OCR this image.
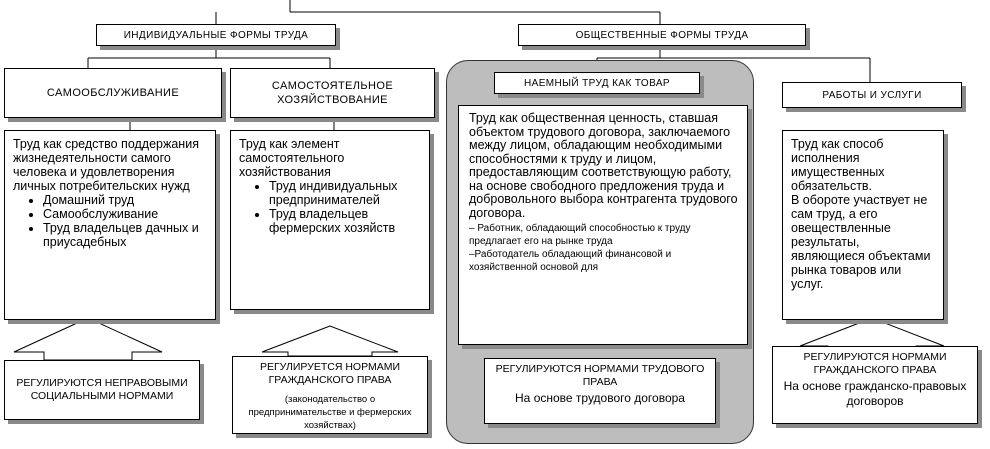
ИНДИВИДУАЛЬНЫЕ ФОРМЫ ТРУДА	ОБЩЕСТВЕННЫЕ ФОРМЫ ТРУДА
САМООБСЛУЖИВАНИЕ
Труд как средство поддержания жизнедеятельности самого человека и удовлетворения личных потребительских нужд
• Домашний труд
• Самообслуживание
• Труд владельцев дачных и приусадебных
РЕГУЛИРУЮТСЯ НЕПРАВОВЫМИ СОЦИАЛЬНЫМИ НОРМАМИ
САМОСТОЯТЕЛЬНОЕ ХОЗЯЙСТВОВАНИЕ
Труд как элемент самостоятельного хозяйствования
• Труд индивидуальных предпринимателей
• Труд владельцев фермерских хозяйств
РЕГУЛИРУЕТСЯ НОРМАМИ ГРАЖДАНСКОГО ПРАВА
(законодательство о предпринимательстве и фермерских хозяйствах)
НАЕМНЫЙ ТРУД КАК ТОВАР
Труд как общественная ценность, ставшая объектом трудового договора, заключаемого между лицом, обладающим необходимыми способностями к труду и лицом, предоставляющим соответствующую работу, на основе свободного предложения труда и добровольного выбора контрагента трудового договора.
– Работник, обладающий способностью к труду предлагает его на рынке труда
–Работодатель обладающий финансовой и хозяйственной основой для
РЕГУЛИРУЮТСЯ НОРМАМИ ТРУДОВОГО ПРАВА
На основе трудового договора
РАБОТЫ И УСЛУГИ
Труд как способ исполнения имущественных обязательств.
В обороте участвует не сам труд, а его овеществленные результаты, являющиеся объектами рынка товаров или услуг.
РЕГУЛИРУЮТСЯ НОРМАМИ ГРАЖДАНСКОГО ПРАВА
На основе гражданско-правовых договоров
